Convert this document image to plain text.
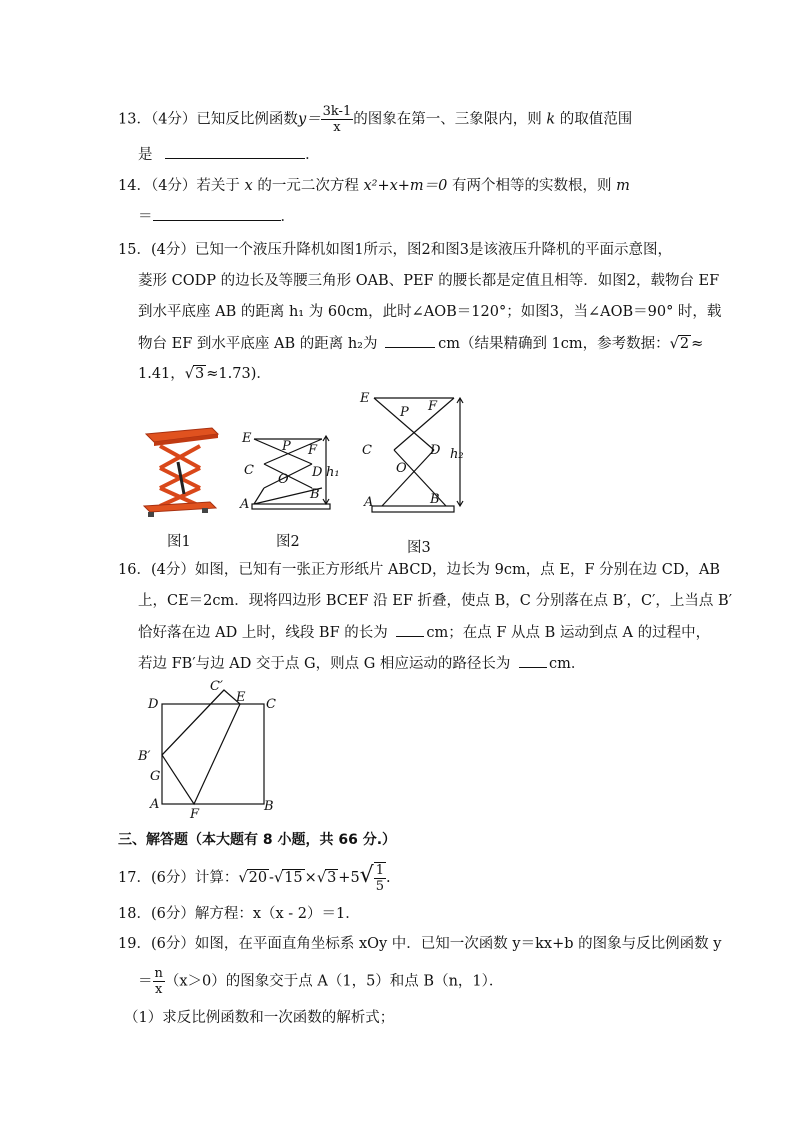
13．（4分）已知反比例函数$y= \frac{3k-1}{x}$ 的图象在第一、三象限内，则 k 的取值范围
是	．
14．（4分）若关于 x 的一元二次方程 x²+x+m＝0 有两个相等的实数根，则 m
＝	．
15．(4分）已知一个液压升降机如图1所示，图2和图3是该液压升降机的平面示意图，
菱形 CODP 的边长及等腰三角形 OAB、PEF 的腰长都是定值且相等．如图2，载物台 EF
到水平底座 AB 的距离 h₁ 为 60cm，此时∠AOB＝120°；如图3，当∠AOB＝90° 时，载
物台 EF 到水平底座 AB 的距离 h₂为	cm（结果精确到 1cm，参考数据：√2 ≈
1.41，√3 ≈1.73)．
图1
E
P F
C	D
O
B
A
h₁
图2
E
P F
C	D
O
A	B
h₂
图3
16．(4分）如图，已知有一张正方形纸片 ABCD，边长为 9cm，点 E，F 分别在边 CD，AB
上，CE＝2cm．现将四边形 BCEF 沿 EF 折叠，使点 B，C 分别落在点 B′，C′，上当点 B′
恰好落在边 AD 上时，线段 BF 的长为	cm；在点 F 从点 B 运动到点 A 的过程中，
若边 FB′与边 AD 交于点 G，则点 G 相应运动的路径长为	cm．
C′
D	E C
B′
G
A
F
B
三、解答题（本大题有 8 小题，共 66 分.）
17．(6分）计算：√20 $-√15 \times√3 +5√ \frac{1}{5}$ .
18．(6分）解方程：x（x - 2）＝1．
19．(6分）如图，在平面直角坐标系 xOy 中．已知一次函数 y＝kx+b 的图象与反比例函数 y
＝ $\frac{n}{x} (x>0)$的图象交于点 A（1，5）和点 B（n，1）．
（1）求反比例函数和一次函数的解析式；
